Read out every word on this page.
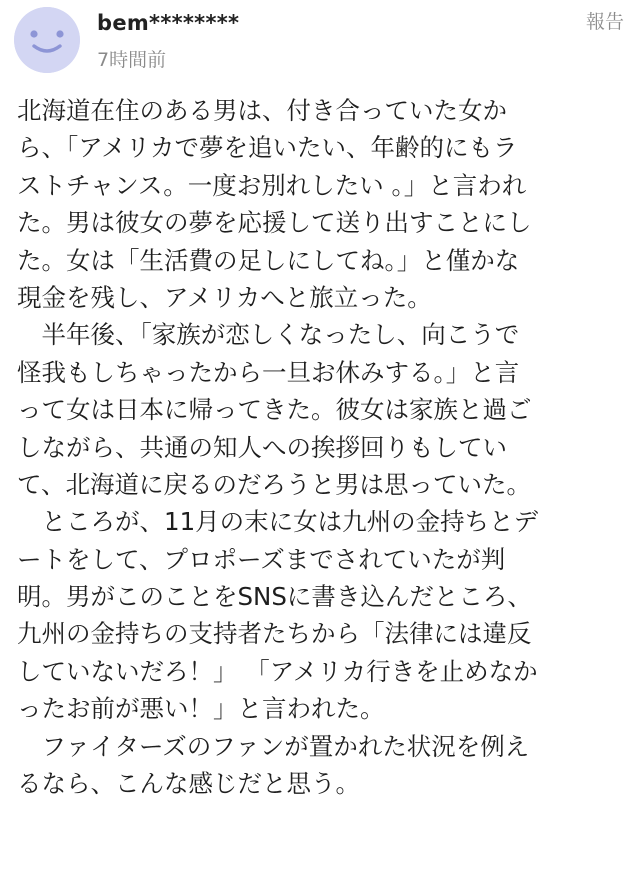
bem********
7時間前
報告
北海道在住のある男は、付き合っていた女か
ら、「アメリカで夢を追いたい、年齢的にもラ
ストチャンス。一度お別れしたい 。」と言われ
た。男は彼女の夢を応援して送り出すことにし
た。女は「生活費の足しにしてね。」と僅かな
現金を残し、アメリカへと旅立った。
　半年後、「家族が恋しくなったし、向こうで
怪我もしちゃったから一旦お休みする。」と言
って女は日本に帰ってきた。彼女は家族と過ご
しながら、共通の知人への挨拶回りもしてい
て、北海道に戻るのだろうと男は思っていた。
　ところが、11月の末に女は九州の金持ちとデ
ートをして、プロポーズまでされていたが判
明。男がこのことをSNSに書き込んだところ、
九州の金持ちの支持者たちから「法律には違反
していないだろ！」 「アメリカ行きを止めなか
ったお前が悪い！」と言われた。
　ファイターズのファンが置かれた状況を例え
るなら、こんな感じだと思う。
